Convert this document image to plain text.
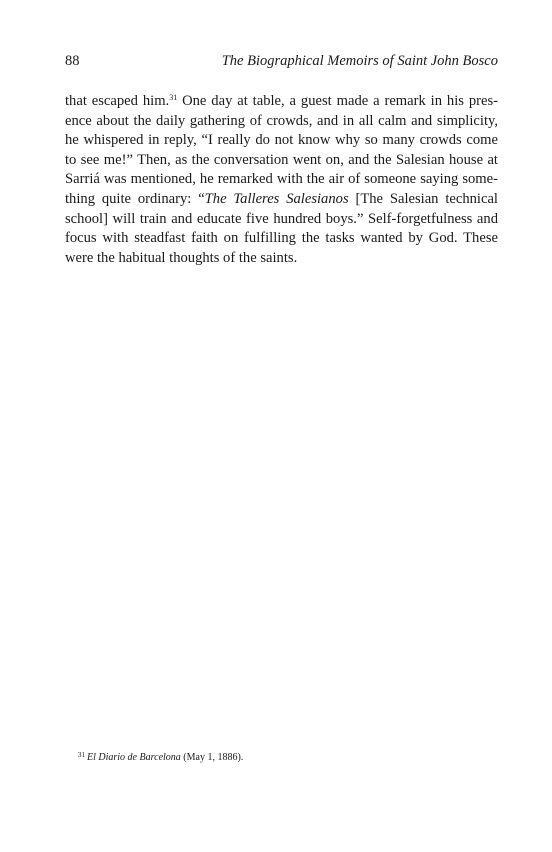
88	The Biographical Memoirs of Saint John Bosco
that escaped him.$^{31}$ One day at table, a guest made a remark in his pres-
ence about the daily gathering of crowds, and in all calm and simplicity,
he whispered in reply, “I really do not know why so many crowds come
to see me!” Then, as the conversation went on, and the Salesian house at
Sarriá was mentioned, he remarked with the air of someone saying some-
thing quite ordinary: “The Talleres Salesianos [The Salesian technical
school] will train and educate five hundred boys.” Self-forgetfulness and
focus with steadfast faith on fulfilling the tasks wanted by God. These
were the habitual thoughts of the saints.
$^{31}$ El Diario de Barcelona (May 1, 1886).
